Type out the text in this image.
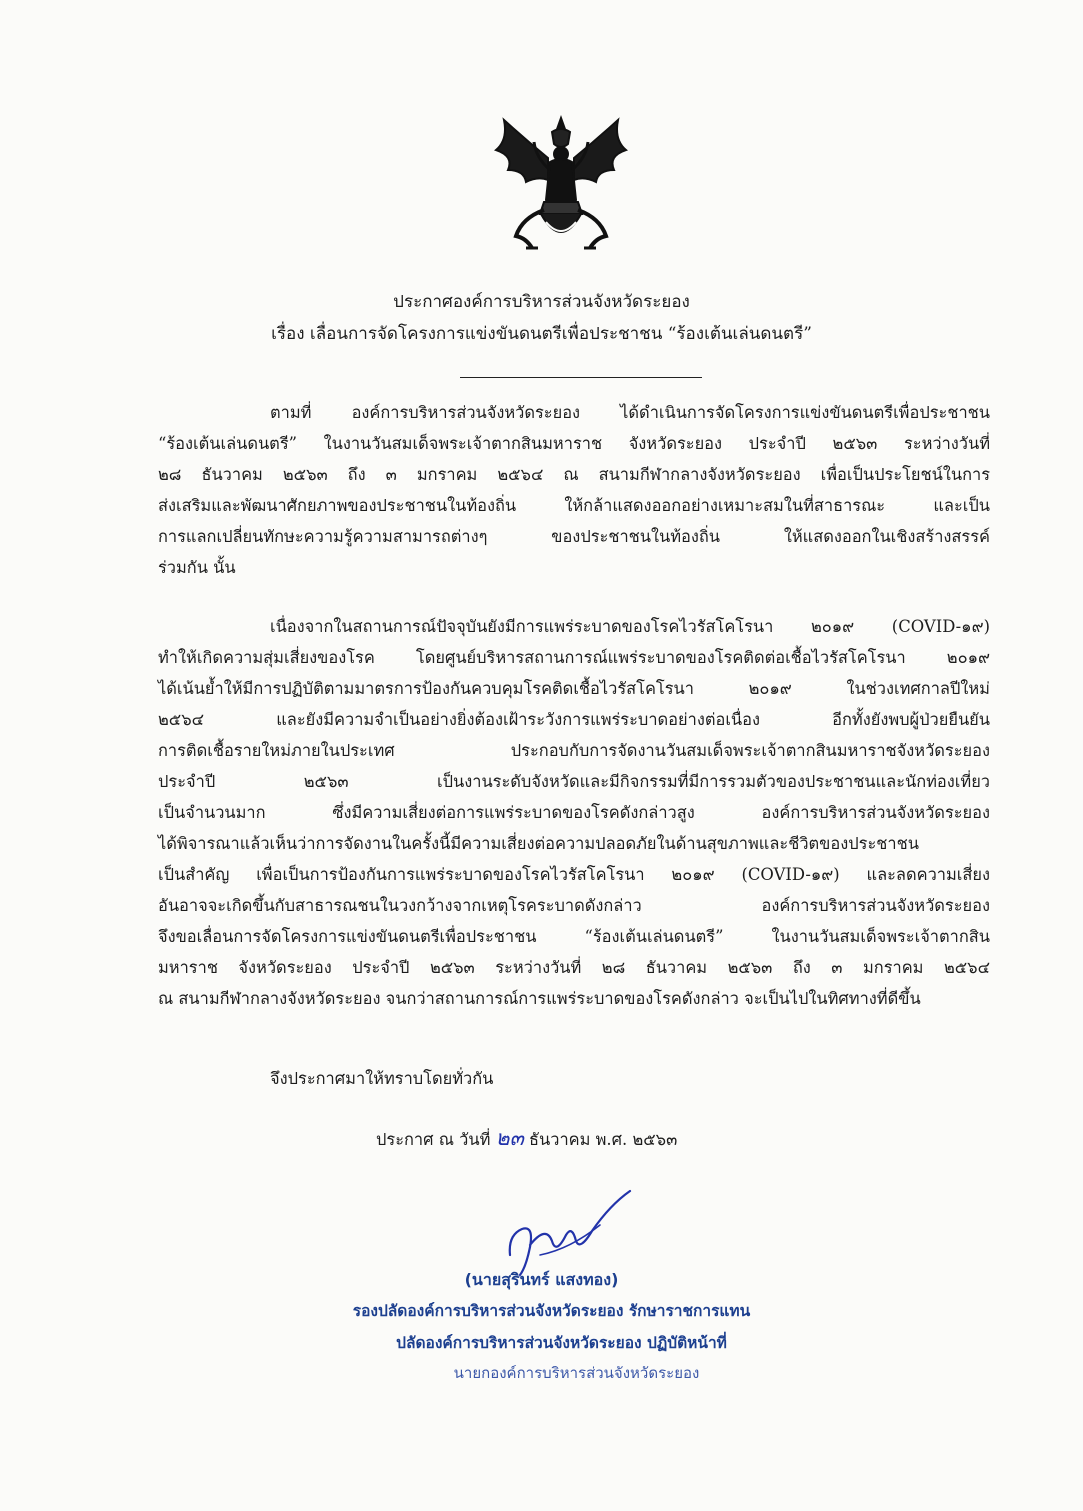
ประกาศองค์การบริหารส่วนจังหวัดระยอง
เรื่อง เลื่อนการจัดโครงการแข่งขันดนตรีเพื่อประชาชน “ร้องเต้นเล่นดนตรี”
ตามที่ องค์การบริหารส่วนจังหวัดระยอง ได้ดำเนินการจัดโครงการแข่งขันดนตรีเพื่อประชาชน
“ร้องเต้นเล่นดนตรี” ในงานวันสมเด็จพระเจ้าตากสินมหาราช จังหวัดระยอง ประจำปี ๒๕๖๓ ระหว่างวันที่
๒๘ ธันวาคม ๒๕๖๓ ถึง ๓ มกราคม ๒๕๖๔ ณ สนามกีฬากลางจังหวัดระยอง เพื่อเป็นประโยชน์ในการ
ส่งเสริมและพัฒนาศักยภาพของประชาชนในท้องถิ่น ให้กล้าแสดงออกอย่างเหมาะสมในที่สาธารณะ และเป็น
การแลกเปลี่ยนทักษะความรู้ความสามารถต่างๆ ของประชาชนในท้องถิ่น ให้แสดงออกในเชิงสร้างสรรค์
ร่วมกัน นั้น
เนื่องจากในสถานการณ์ปัจจุบันยังมีการแพร่ระบาดของโรคไวรัสโคโรนา ๒๐๑๙ (COVID-๑๙)
ทำให้เกิดความสุ่มเสี่ยงของโรค โดยศูนย์บริหารสถานการณ์แพร่ระบาดของโรคติดต่อเชื้อไวรัสโคโรนา ๒๐๑๙
ได้เน้นย้ำให้มีการปฏิบัติตามมาตรการป้องกันควบคุมโรคติดเชื้อไวรัสโคโรนา ๒๐๑๙ ในช่วงเทศกาลปีใหม่
๒๕๖๔ และยังมีความจำเป็นอย่างยิ่งต้องเฝ้าระวังการแพร่ระบาดอย่างต่อเนื่อง อีกทั้งยังพบผู้ป่วยยืนยัน
การติดเชื้อรายใหม่ภายในประเทศ ประกอบกับการจัดงานวันสมเด็จพระเจ้าตากสินมหาราชจังหวัดระยอง
ประจำปี ๒๕๖๓ เป็นงานระดับจังหวัดและมีกิจกรรมที่มีการรวมตัวของประชาชนและนักท่องเที่ยว
เป็นจำนวนมาก ซึ่งมีความเสี่ยงต่อการแพร่ระบาดของโรคดังกล่าวสูง องค์การบริหารส่วนจังหวัดระยอง
ได้พิจารณาแล้วเห็นว่าการจัดงานในครั้งนี้มีความเสี่ยงต่อความปลอดภัยในด้านสุขภาพและชีวิตของประชาชน
เป็นสำคัญ เพื่อเป็นการป้องกันการแพร่ระบาดของโรคไวรัสโคโรนา ๒๐๑๙ (COVID-๑๙) และลดความเสี่ยง
อันอาจจะเกิดขึ้นกับสาธารณชนในวงกว้างจากเหตุโรคระบาดดังกล่าว องค์การบริหารส่วนจังหวัดระยอง
จึงขอเลื่อนการจัดโครงการแข่งขันดนตรีเพื่อประชาชน “ร้องเต้นเล่นดนตรี” ในงานวันสมเด็จพระเจ้าตากสิน
มหาราช จังหวัดระยอง ประจำปี ๒๕๖๓ ระหว่างวันที่ ๒๘ ธันวาคม ๒๕๖๓ ถึง ๓ มกราคม ๒๕๖๔
ณ สนามกีฬากลางจังหวัดระยอง จนกว่าสถานการณ์การแพร่ระบาดของโรคดังกล่าว จะเป็นไปในทิศทางที่ดีขึ้น
จึงประกาศมาให้ทราบโดยทั่วกัน
ประกาศ ณ วันที่ ๒๓ ธันวาคม พ.ศ. ๒๕๖๓
(นายสุรินทร์ แสงทอง)
รองปลัดองค์การบริหารส่วนจังหวัดระยอง รักษาราชการแทน
ปลัดองค์การบริหารส่วนจังหวัดระยอง ปฏิบัติหน้าที่
นายกองค์การบริหารส่วนจังหวัดระยอง
